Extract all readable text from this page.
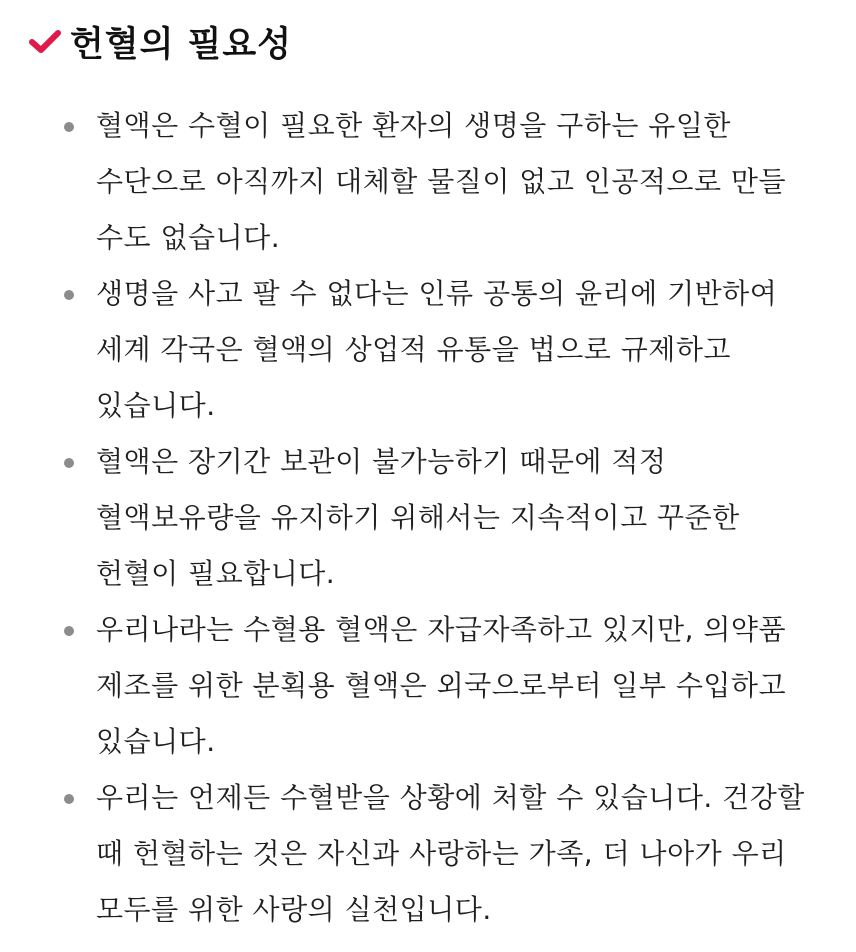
헌혈의 필요성
혈액은 수혈이 필요한 환자의 생명을 구하는 유일한
수단으로 아직까지 대체할 물질이 없고 인공적으로 만들
수도 없습니다.
생명을 사고 팔 수 없다는 인류 공통의 윤리에 기반하여
세계 각국은 혈액의 상업적 유통을 법으로 규제하고
있습니다.
혈액은 장기간 보관이 불가능하기 때문에 적정
혈액보유량을 유지하기 위해서는 지속적이고 꾸준한
헌혈이 필요합니다.
우리나라는 수혈용 혈액은 자급자족하고 있지만, 의약품
제조를 위한 분획용 혈액은 외국으로부터 일부 수입하고
있습니다.
우리는 언제든 수혈받을 상황에 처할 수 있습니다. 건강할
때 헌혈하는 것은 자신과 사랑하는 가족, 더 나아가 우리
모두를 위한 사랑의 실천입니다.
